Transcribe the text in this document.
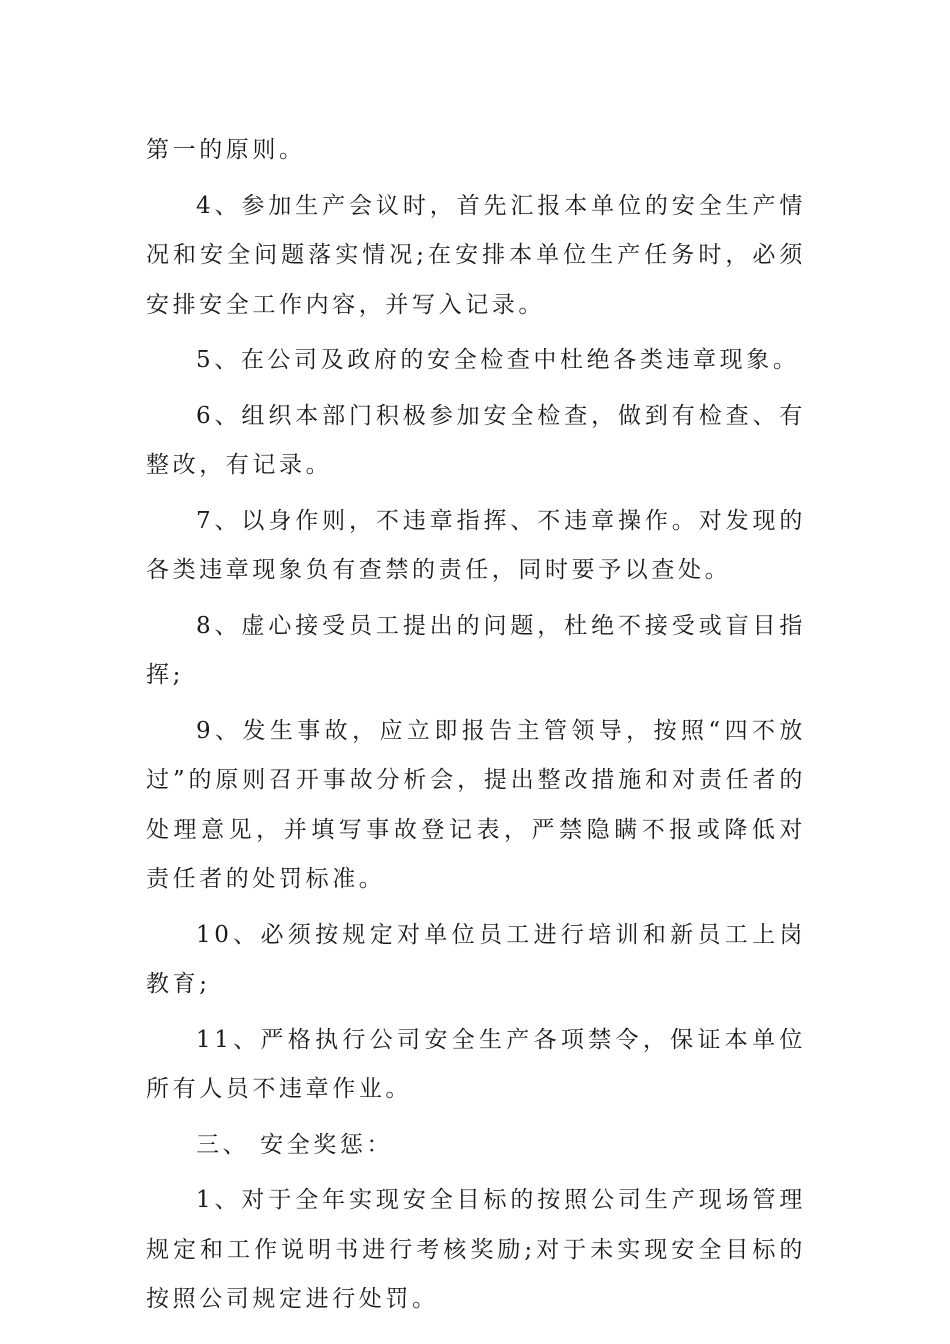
第一的原则。

4、参加生产会议时，首先汇报本单位的安全生产情况和安全问题落实情况;在安排本单位生产任务时，必须安排安全工作内容，并写入记录。

5、在公司及政府的安全检查中杜绝各类违章现象。

6、组织本部门积极参加安全检查，做到有检查、有整改，有记录。

7、以身作则，不违章指挥、不违章操作。对发现的各类违章现象负有查禁的责任，同时要予以查处。

8、虚心接受员工提出的问题，杜绝不接受或盲目指挥;

9、发生事故，应立即报告主管领导，按照“四不放过”的原则召开事故分析会，提出整改措施和对责任者的处理意见，并填写事故登记表，严禁隐瞒不报或降低对责任者的处罚标准。

10、必须按规定对单位员工进行培训和新员工上岗教育;

11、严格执行公司安全生产各项禁令，保证本单位所有人员不违章作业。

三、 安全奖惩：

1、对于全年实现安全目标的按照公司生产现场管理规定和工作说明书进行考核奖励;对于未实现安全目标的按照公司规定进行处罚。
